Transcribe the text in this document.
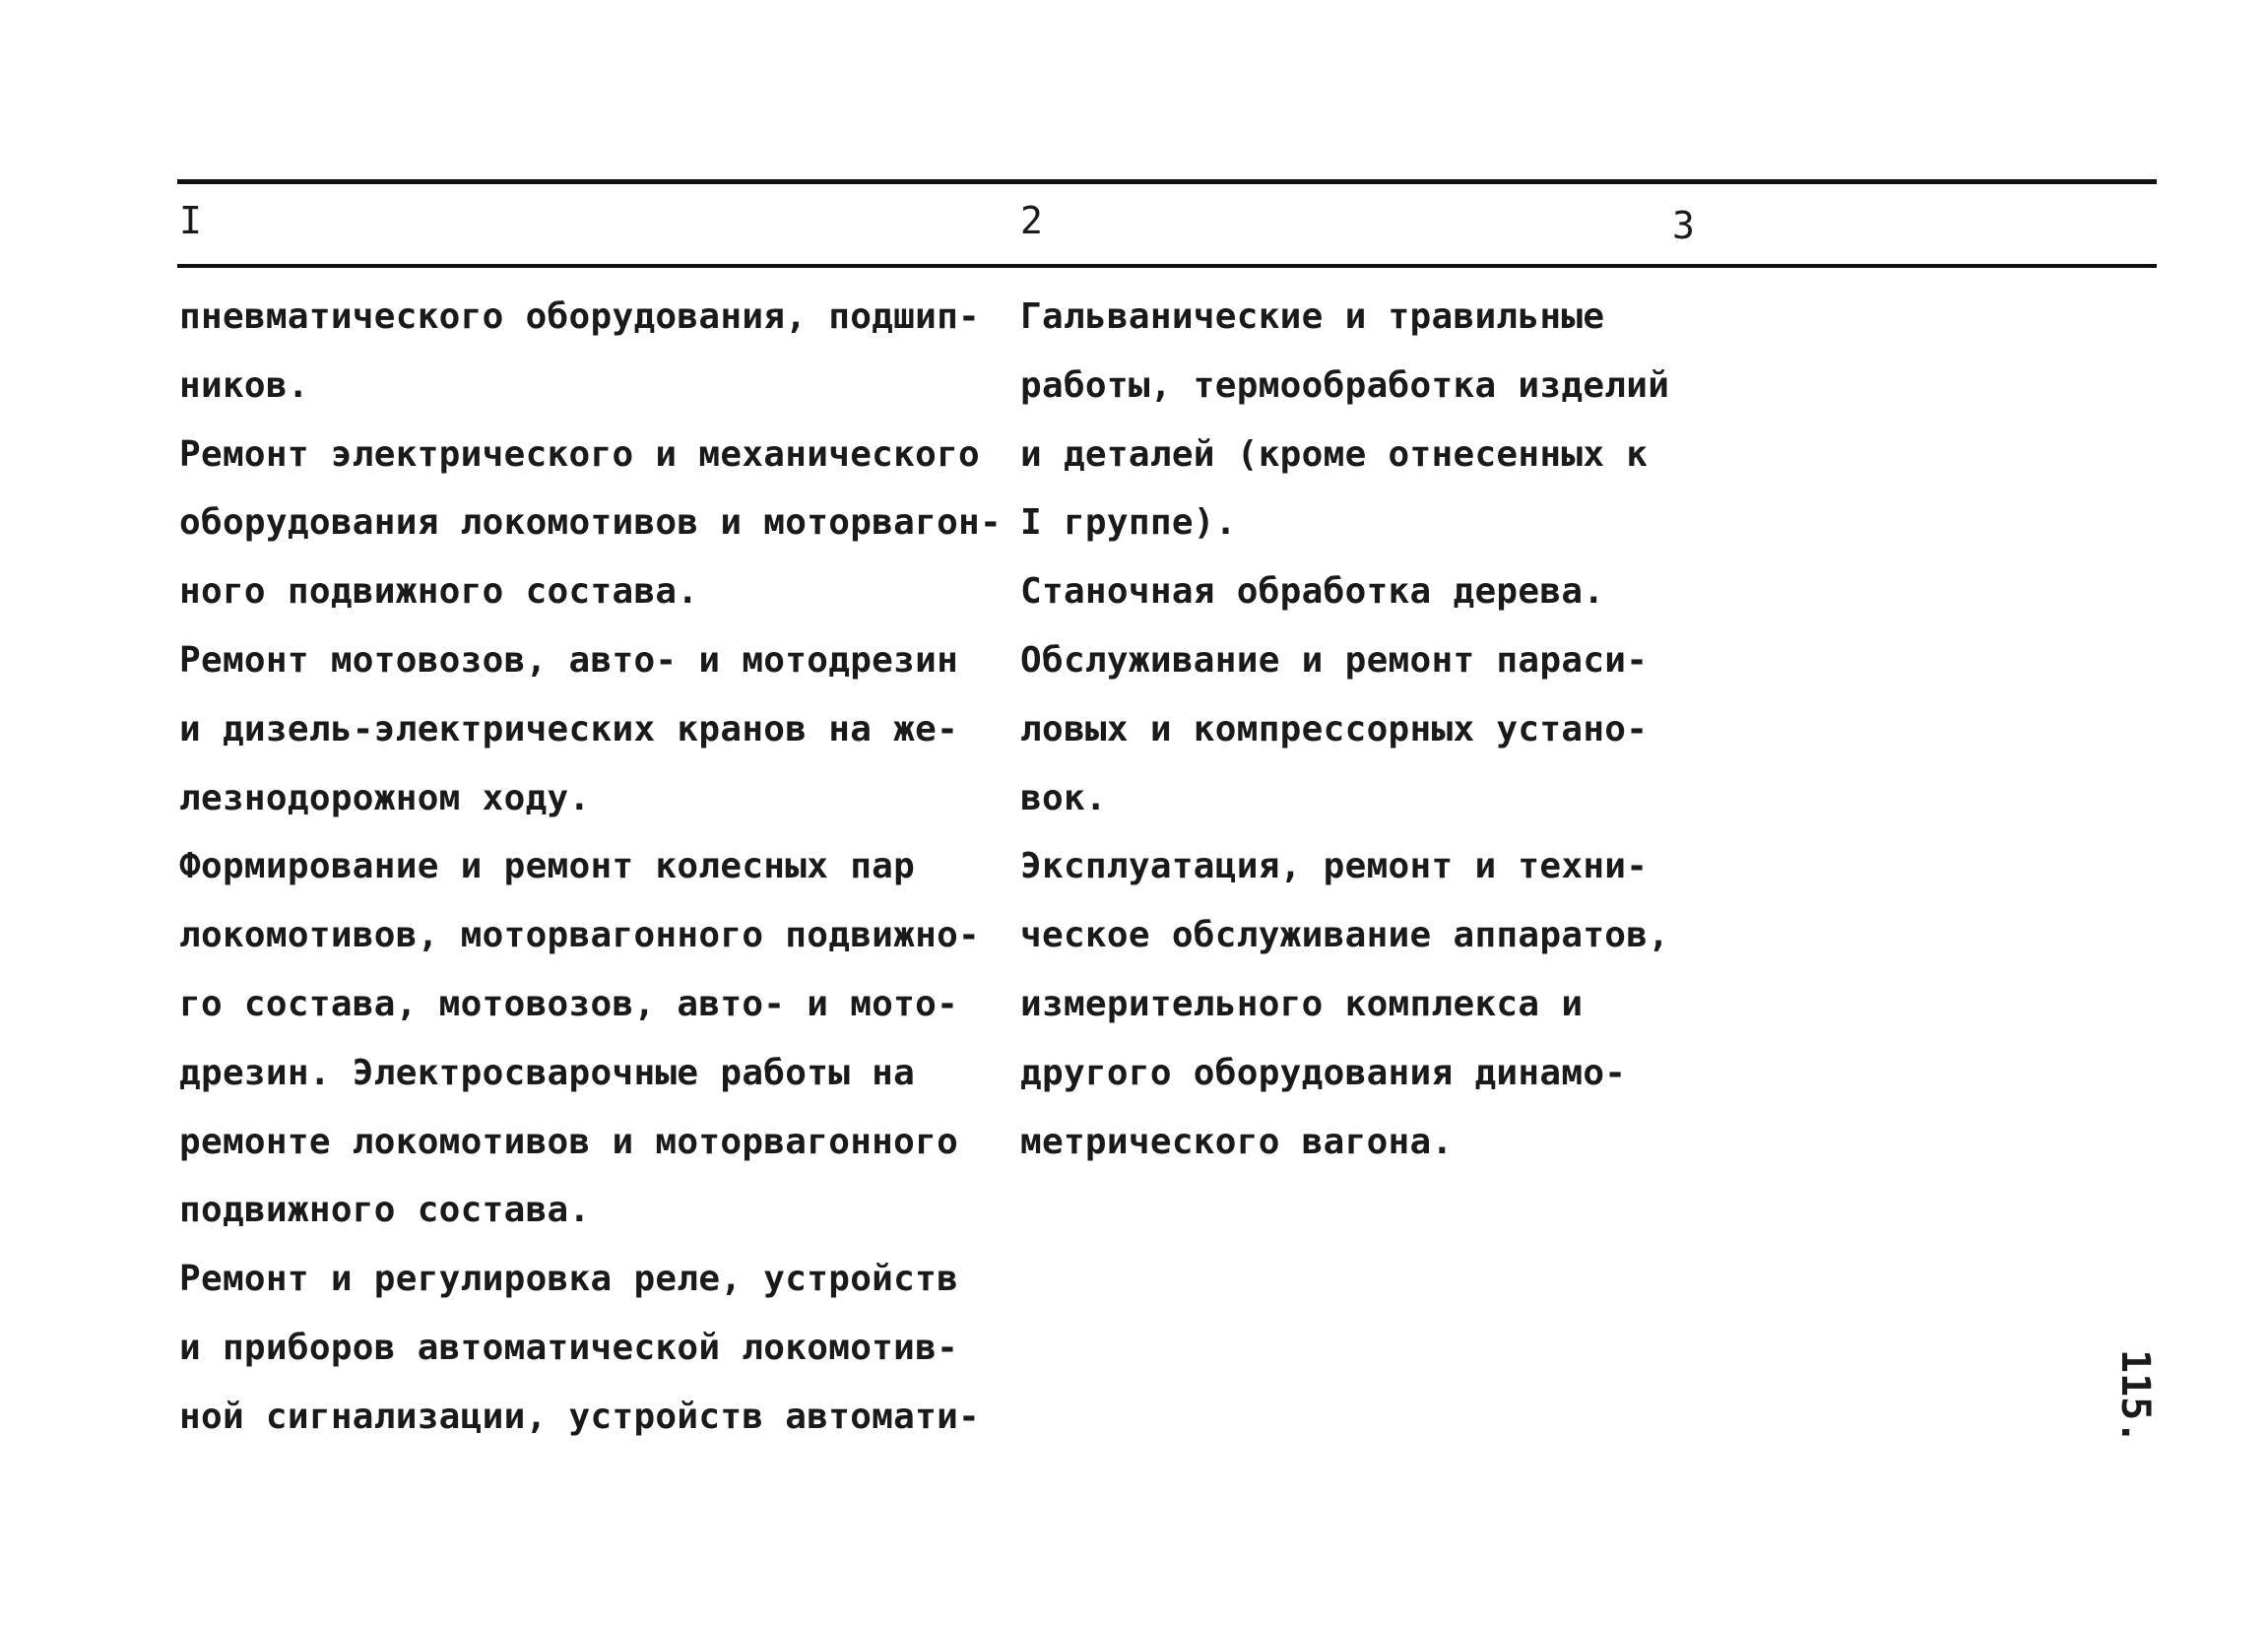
I	2	3
пневматического оборудования, подшип-
ников.
Ремонт электрического и механического
оборудования локомотивов и моторвагон-
ного подвижного состава.
Ремонт мотовозов, авто- и мотодрезин
и дизель-электрических кранов на же-
лезнодорожном ходу.
Формирование и ремонт колесных пар
локомотивов, моторвагонного подвижно-
го состава, мотовозов, авто- и мото-
дрезин. Электросварочные работы на
ремонте локомотивов и моторвагонного
подвижного состава.
Ремонт и регулировка реле, устройств
и приборов автоматической локомотив-
ной сигнализации, устройств автомати-
Гальванические и травильные
работы, термообработка изделий
и деталей (кроме отнесенных к
I группе).
Станочная обработка дерева.
Обслуживание и ремонт параси-
ловых и компрессорных устано-
вок.
Эксплуатация, ремонт и техни-
ческое обслуживание аппаратов,
измерительного комплекса и
другого оборудования динамо-
метрического вагона.
115.
